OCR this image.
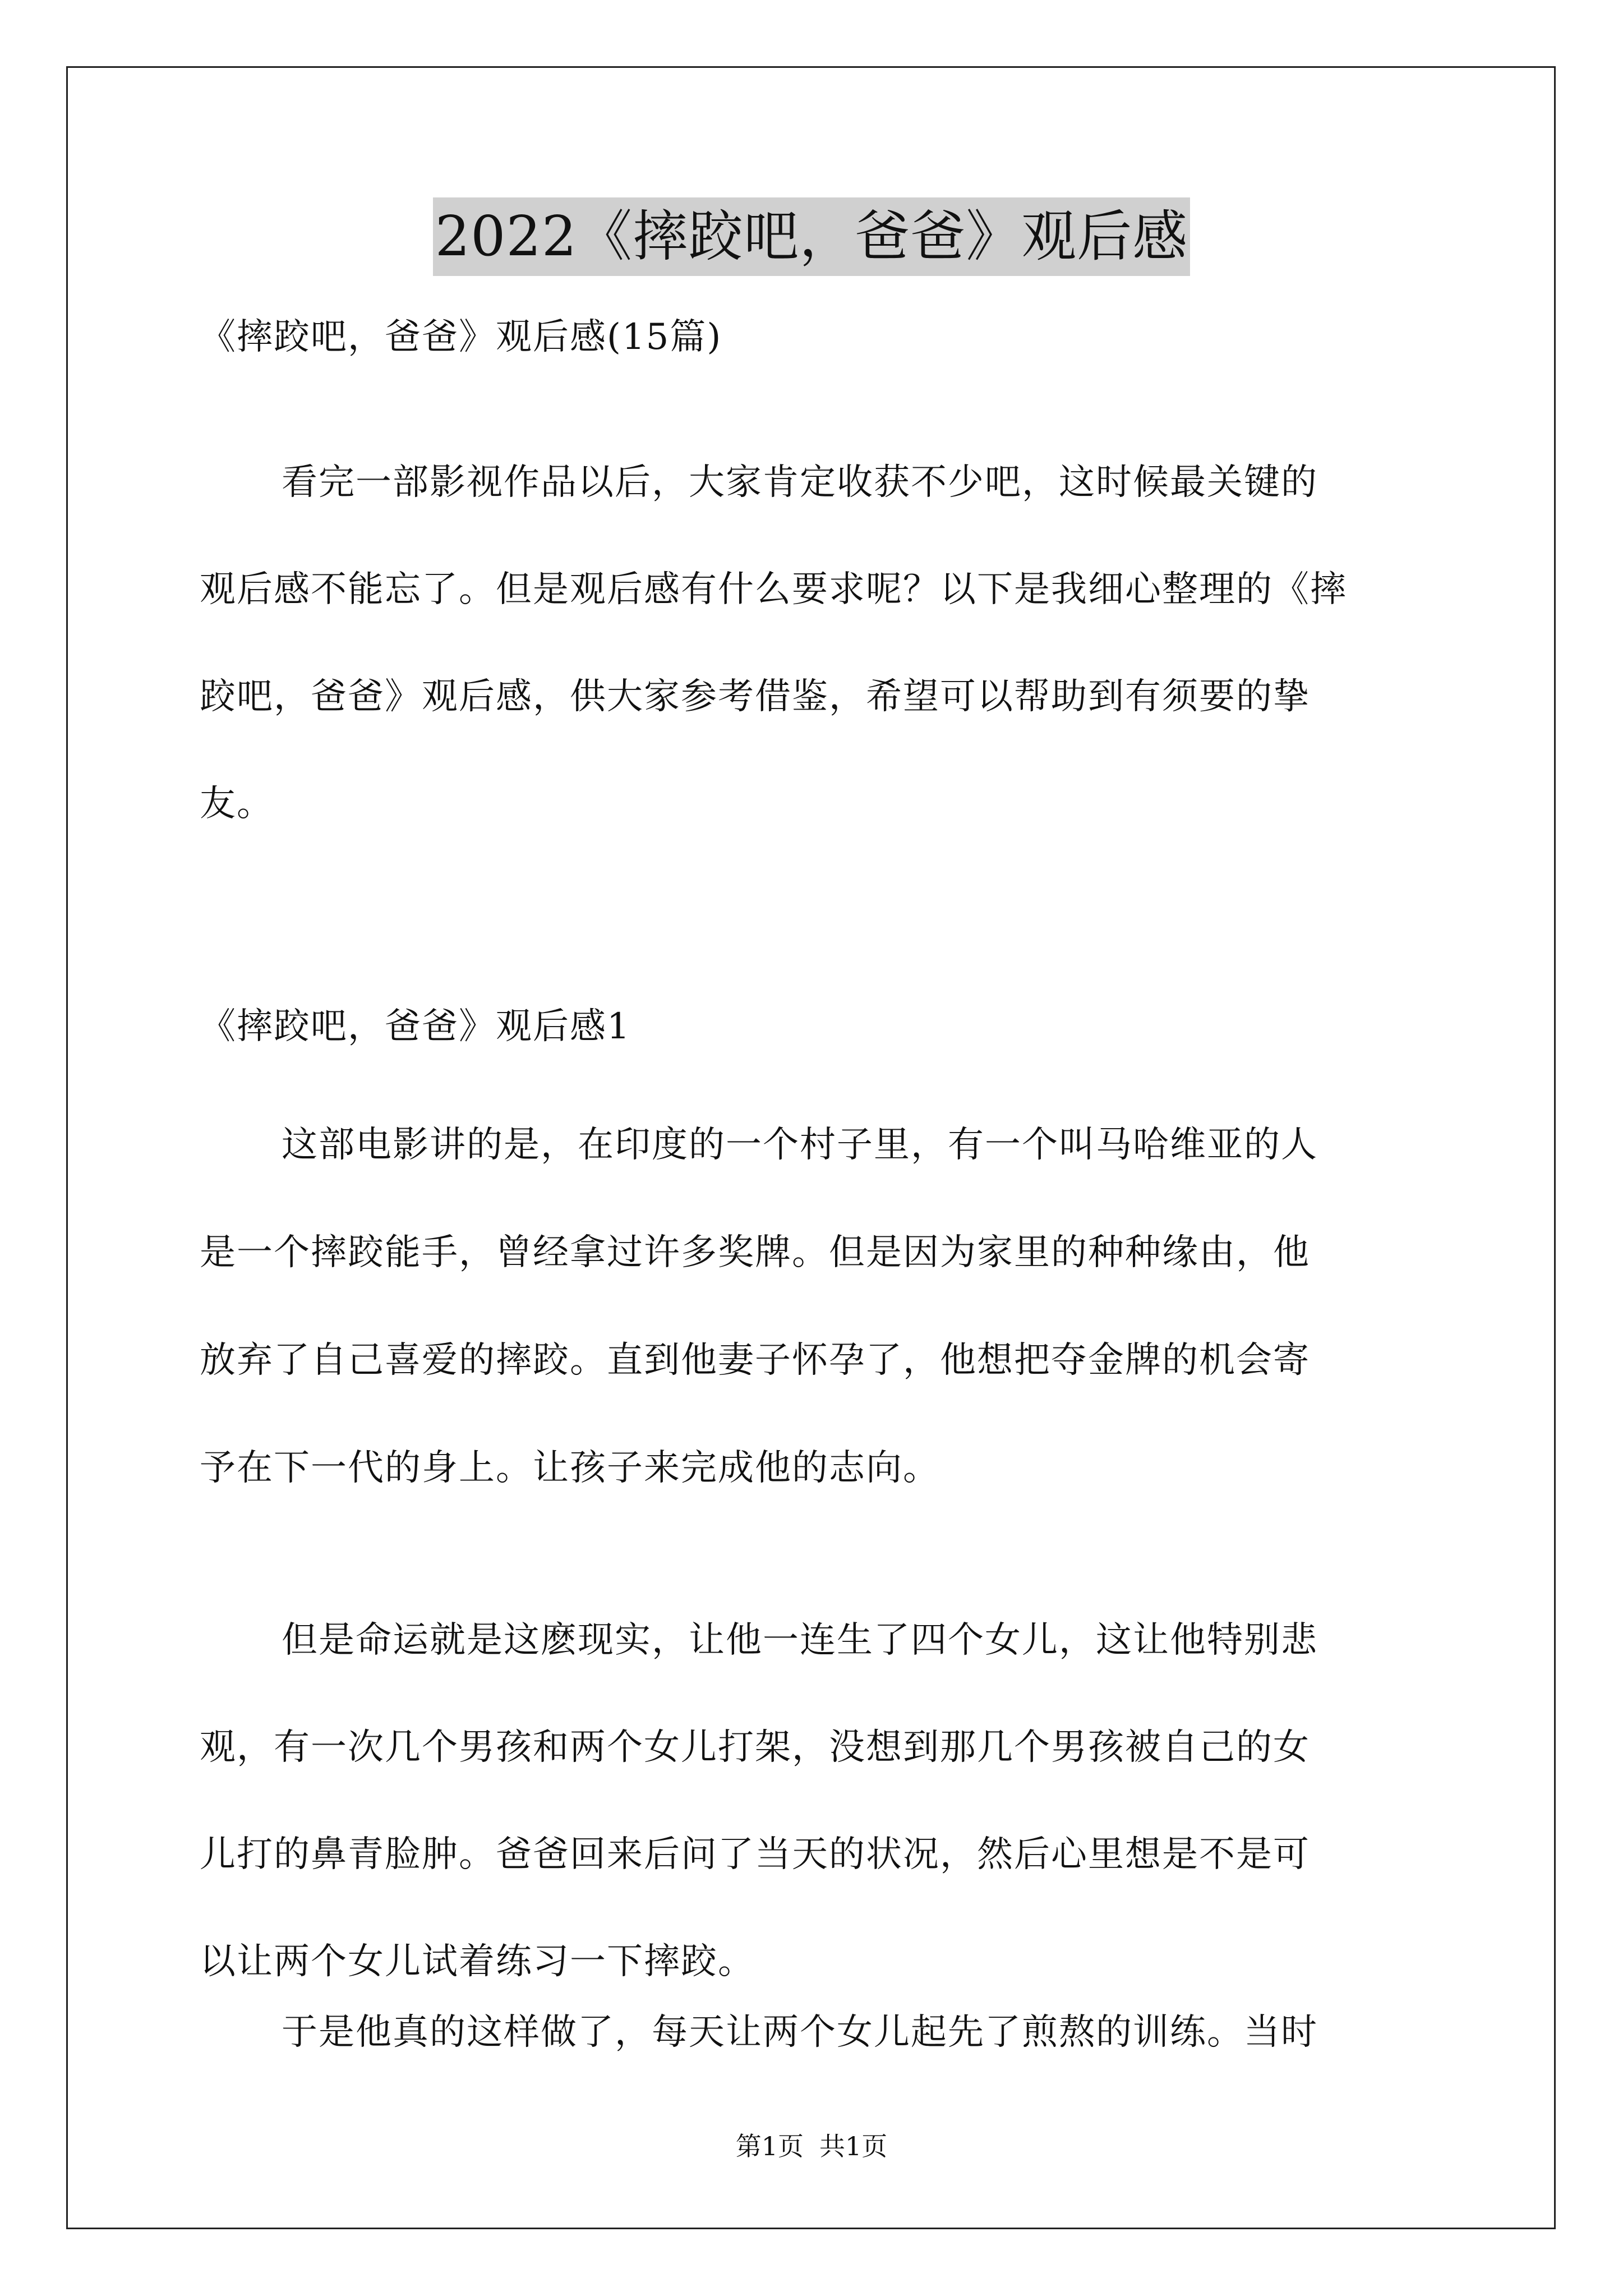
2022《摔跤吧，爸爸》观后感
《摔跤吧，爸爸》观后感(15篇)
看完一部影视作品以后，大家肯定收获不少吧，这时候最关键的
观后感不能忘了。但是观后感有什么要求呢？以下是我细心整理的《摔
跤吧，爸爸》观后感，供大家参考借鉴，希望可以帮助到有须要的挚
友。
《摔跤吧，爸爸》观后感1
这部电影讲的是，在印度的一个村子里，有一个叫马哈维亚的人
是一个摔跤能手，曾经拿过许多奖牌。但是因为家里的种种缘由，他
放弃了自己喜爱的摔跤。直到他妻子怀孕了，他想把夺金牌的机会寄
予在下一代的身上。让孩子来完成他的志向。
但是命运就是这麽现实，让他一连生了四个女儿，这让他特别悲
观，有一次几个男孩和两个女儿打架，没想到那几个男孩被自己的女
儿打的鼻青脸肿。爸爸回来后问了当天的状况，然后心里想是不是可
以让两个女儿试着练习一下摔跤。
于是他真的这样做了，每天让两个女儿起先了煎熬的训练。当时
第1页 共1页
